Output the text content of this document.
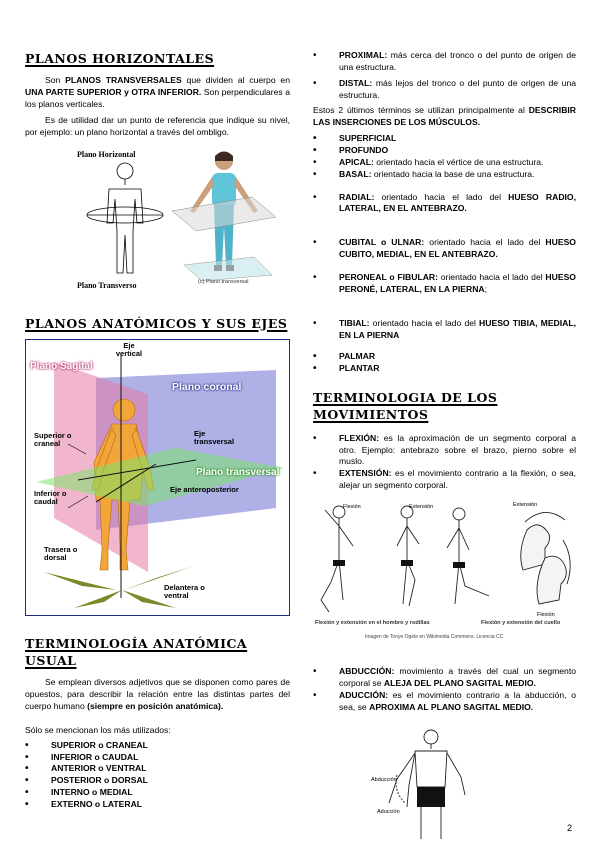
PLANOS HORIZONTALES

Son PLANOS TRANSVERSALES que dividen al cuerpo en UNA PARTE SUPERIOR y OTRA INFERIOR. Son perpendiculares a los planos verticales.

Es de utilidad dar un punto de referencia que indique su nivel, por ejemplo: un plano horizontal a través del ombligo.

Plano Horizontal
Plano Transverso	(c) Plano transversal
PLANOS ANATÓMICOS Y SUS EJES
Plano Sagital
Eje vertical
Plano coronal
Eje transversal
Superior o craneal
Inferior o caudal
Plano transversal
Eje anteroposterior
Trasera o dorsal
Delantera o ventral
TERMINOLOGÍA ANATÓMICA USUAL

Se emplean diversos adjetivos que se disponen como pares de opuestos, para describir la relación entre las distintas partes del cuerpo humano (siempre en posición anatómica).

Sólo se mencionan los más utilizados:

• SUPERIOR o CRANEAL
• INFERIOR o CAUDAL
• ANTERIOR o VENTRAL
• POSTERIOR o DORSAL
• INTERNO o MEDIAL
• EXTERNO o LATERAL
• PROXIMAL: más cerca del tronco o del punto de origen de una estructura.
• DISTAL: más lejos del tronco o del punto de origen de una estructura.

Estos 2 últimos términos se utilizan principalmente al DESCRIBIR LAS INSERCIONES DE LOS MÚSCULOS.

• SUPERFICIAL
• PROFUNDO
• APICAL: orientado hacia el vértice de una estructura.
• BASAL: orientado hacia la base de una estructura.
• RADIAL: orientado hacia el lado del HUESO RADIO, LATERAL, EN EL ANTEBRAZO.
• CUBITAL o ULNAR: orientado hacia el lado del HUESO CUBITO, MEDIAL, EN EL ANTEBRAZO.
• PERONEAL o FIBULAR: orientado hacia el lado del HUESO PERONÉ, LATERAL, EN LA PIERNA;
• TIBIAL: orientado hacia el lado del HUESO TIBIA, MEDIAL, EN LA PIERNA
• PALMAR
• PLANTAR
TERMINOLOGIA DE LOS MOVIMIENTOS
• FLEXIÓN: es la aproximación de un segmento corporal a otro. Ejemplo: antebrazo sobre el brazo, pierno sobre el muslo.
• EXTENSIÓN: es el movimiento contrario a la flexión, o sea, alejar un segmento corporal.
Flexión	Extensión	Extensión
Flexión
Flexión y extensión en el hombro y rodillas	Flexión y extensión del cuello
Imagen de Tonye Ogele en Wikimedia Commons. Licencia CC
• ABDUCCIÓN: movimiento a través del cual un segmento corporal se ALEJA DEL PLANO SAGITAL MEDIO.
• ADUCCIÓN: es el movimiento contrario a la abducción, o sea, se APROXIMA AL PLANO SAGITAL MEDIO.
Abducción
Aducción
2
